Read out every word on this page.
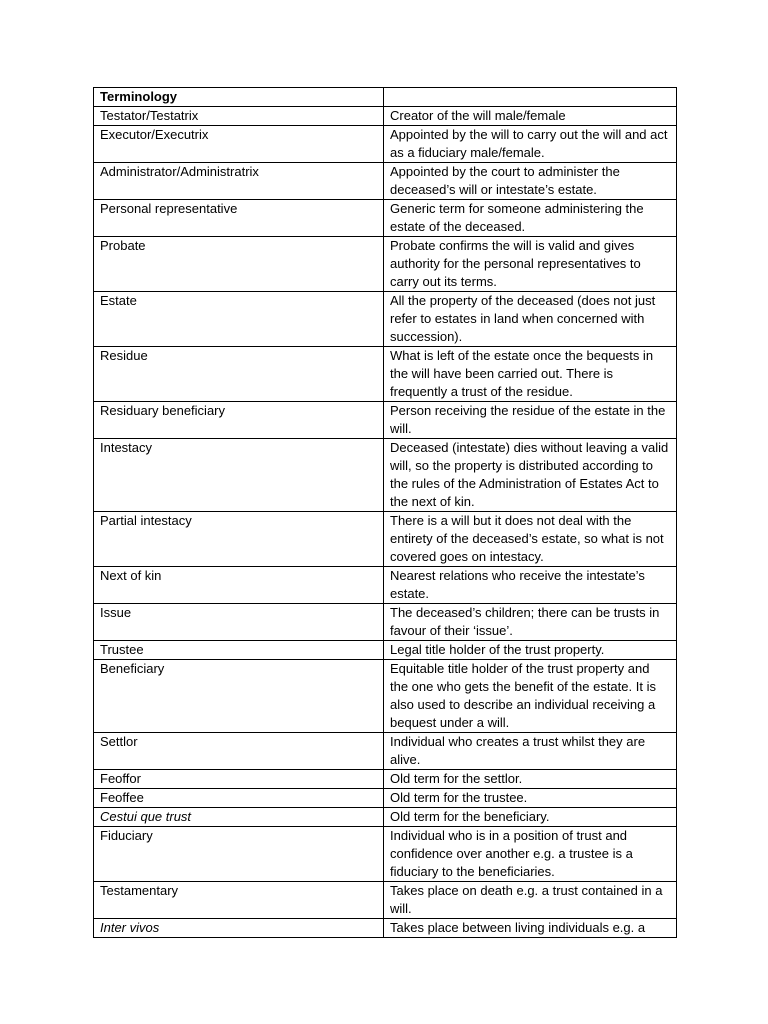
Terminology	
Testator/Testatrix	Creator of the will male/female
Executor/Executrix	Appointed by the will to carry out the will and act as a fiduciary male/female.
Administrator/Administratrix	Appointed by the court to administer the deceased’s will or intestate’s estate.
Personal representative	Generic term for someone administering the estate of the deceased.
Probate	Probate confirms the will is valid and gives authority for the personal representatives to carry out its terms.
Estate	All the property of the deceased (does not just refer to estates in land when concerned with succession).
Residue	What is left of the estate once the bequests in the will have been carried out. There is frequently a trust of the residue.
Residuary beneficiary	Person receiving the residue of the estate in the will.
Intestacy	Deceased (intestate) dies without leaving a valid will, so the property is distributed according to the rules of the Administration of Estates Act to the next of kin.
Partial intestacy	There is a will but it does not deal with the entirety of the deceased’s estate, so what is not covered goes on intestacy.
Next of kin	Nearest relations who receive the intestate’s estate.
Issue	The deceased’s children; there can be trusts in favour of their ‘issue’.
Trustee	Legal title holder of the trust property.
Beneficiary	Equitable title holder of the trust property and the one who gets the benefit of the estate. It is also used to describe an individual receiving a bequest under a will.
Settlor	Individual who creates a trust whilst they are alive.
Feoffor	Old term for the settlor.
Feoffee	Old term for the trustee.
Cestui que trust	Old term for the beneficiary.
Fiduciary	Individual who is in a position of trust and confidence over another e.g. a trustee is a fiduciary to the beneficiaries.
Testamentary	Takes place on death e.g. a trust contained in a will.
Inter vivos	Takes place between living individuals e.g. a
